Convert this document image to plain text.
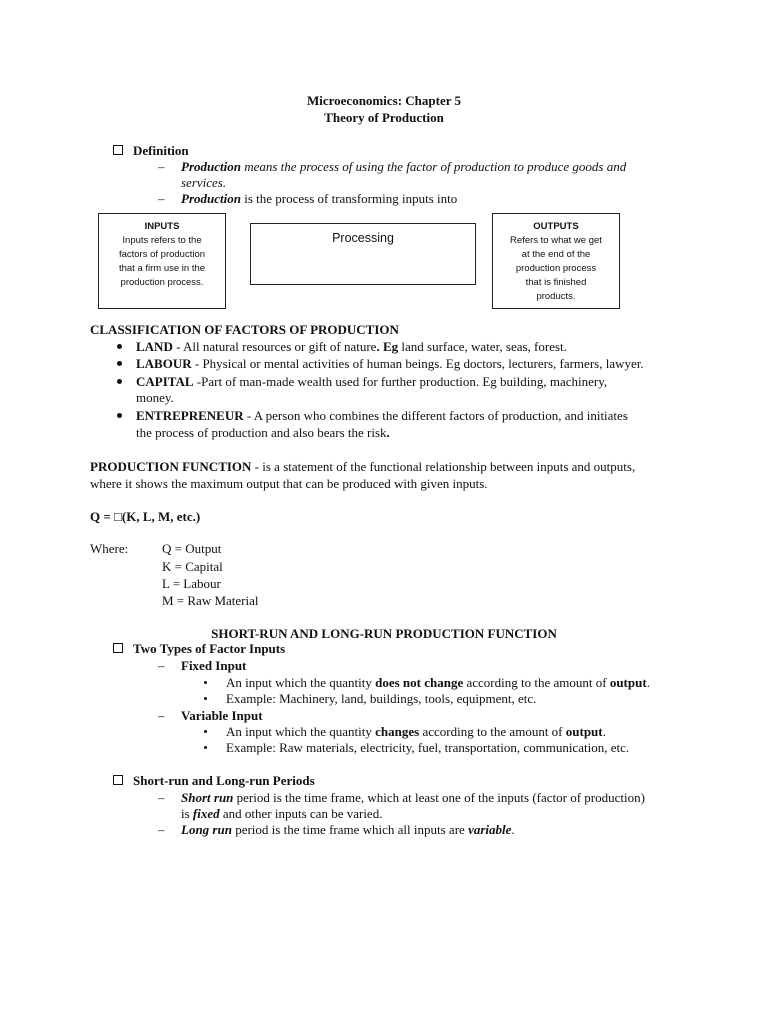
Microeconomics: Chapter 5
Theory of Production
Definition
– Production means the process of using the factor of production to produce goods and
services.
– Production is the process of transforming inputs into
INPUTS
Inputs refers to the
factors of production
that a firm use in the
production process.
Processing
OUTPUTS
Refers to what we get
at the end of the
production process
that is finished
products.
CLASSIFICATION OF FACTORS OF PRODUCTION
LAND - All natural resources or gift of nature. Eg land surface, water, seas, forest.
LABOUR - Physical or mental activities of human beings. Eg doctors, lecturers, farmers, lawyer.
CAPITAL -Part of man-made wealth used for further production. Eg building, machinery,
money.
ENTREPRENEUR - A person who combines the different factors of production, and initiates
the process of production and also bears the risk.
PRODUCTION FUNCTION - is a statement of the functional relationship between inputs and outputs,
where it shows the maximum output that can be produced with given inputs.
Q = □(K, L, M, etc.)
Where:	Q = Output
K = Capital
L = Labour
M = Raw Material
SHORT-RUN AND LONG-RUN PRODUCTION FUNCTION
Two Types of Factor Inputs
– Fixed Input
An input which the quantity does not change according to the amount of output.
Example: Machinery, land, buildings, tools, equipment, etc.
– Variable Input
An input which the quantity changes according to the amount of output.
Example: Raw materials, electricity, fuel, transportation, communication, etc.
Short-run and Long-run Periods
– Short run period is the time frame, which at least one of the inputs (factor of production)
is fixed and other inputs can be varied.
– Long run period is the time frame which all inputs are variable.
